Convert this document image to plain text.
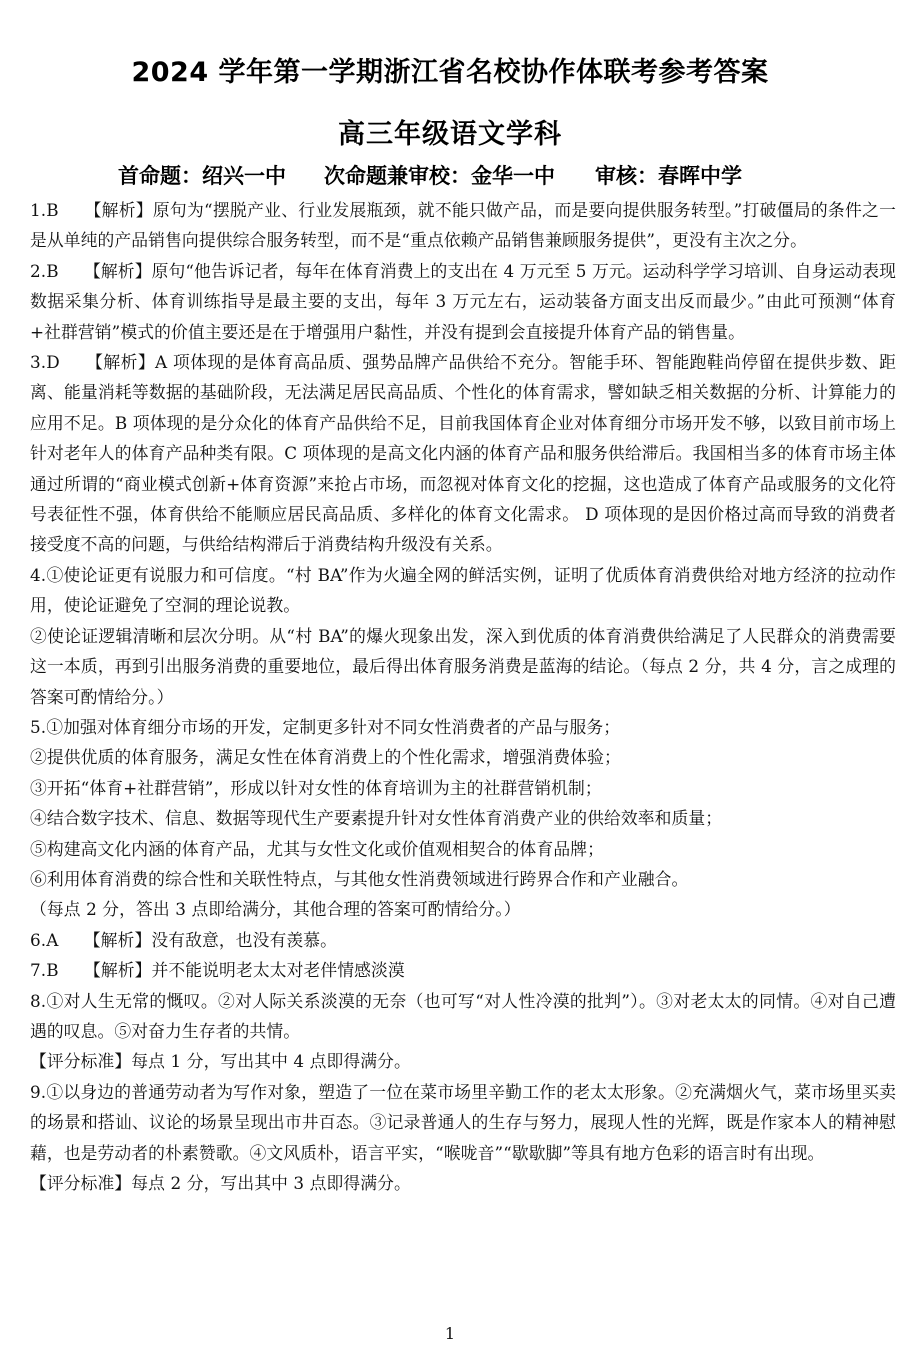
2024 学年第一学期浙江省名校协作体联考参考答案
高三年级语文学科
首命题：绍兴一中 次命题兼审校：金华一中 审核：春晖中学

1.B　　【解析】原句为“摆脱产业、行业发展瓶颈，就不能只做产品，而是要向提供服务转型。”打破僵局的条件之一是从单纯的产品销售向提供综合服务转型，而不是“重点依赖产品销售兼顾服务提供”，更没有主次之分。

2.B　　【解析】原句“他告诉记者，每年在体育消费上的支出在 4 万元至 5 万元。运动科学学习培训、自身运动表现数据采集分析、体育训练指导是最主要的支出，每年 3 万元左右，运动装备方面支出反而最少。”由此可预测“体育+社群营销”模式的价值主要还是在于增强用户黏性，并没有提到会直接提升体育产品的销售量。

3.D　　【解析】A 项体现的是体育高品质、强势品牌产品供给不充分。智能手环、智能跑鞋尚停留在提供步数、距离、能量消耗等数据的基础阶段，无法满足居民高品质、个性化的体育需求，譬如缺乏相关数据的分析、计算能力的应用不足。B 项体现的是分众化的体育产品供给不足，目前我国体育企业对体育细分市场开发不够，以致目前市场上针对老年人的体育产品种类有限。C 项体现的是高文化内涵的体育产品和服务供给滞后。我国相当多的体育市场主体通过所谓的“商业模式创新+体育资源”来抢占市场，而忽视对体育文化的挖掘，这也造成了体育产品或服务的文化符号表征性不强，体育供给不能顺应居民高品质、多样化的体育文化需求。 D 项体现的是因价格过高而导致的消费者接受度不高的问题，与供给结构滞后于消费结构升级没有关系。

4.①使论证更有说服力和可信度。“村 BA”作为火遍全网的鲜活实例，证明了优质体育消费供给对地方经济的拉动作用，使论证避免了空洞的理论说教。

②使论证逻辑清晰和层次分明。从“村 BA”的爆火现象出发，深入到优质的体育消费供给满足了人民群众的消费需要这一本质，再到引出服务消费的重要地位，最后得出体育服务消费是蓝海的结论。（每点 2 分，共 4 分，言之成理的答案可酌情给分。）

5.①加强对体育细分市场的开发，定制更多针对不同女性消费者的产品与服务；

②提供优质的体育服务，满足女性在体育消费上的个性化需求，增强消费体验；

③开拓“体育+社群营销”，形成以针对女性的体育培训为主的社群营销机制；

④结合数字技术、信息、数据等现代生产要素提升针对女性体育消费产业的供给效率和质量；

⑤构建高文化内涵的体育产品，尤其与女性文化或价值观相契合的体育品牌；

⑥利用体育消费的综合性和关联性特点，与其他女性消费领域进行跨界合作和产业融合。

（每点 2 分，答出 3 点即给满分，其他合理的答案可酌情给分。）

6.A　　【解析】没有敌意，也没有羡慕。

7.B　　【解析】并不能说明老太太对老伴情感淡漠

8.①对人生无常的慨叹。②对人际关系淡漠的无奈（也可写“对人性冷漠的批判”）。③对老太太的同情。④对自己遭遇的叹息。⑤对奋力生存者的共情。

【评分标准】每点 1 分，写出其中 4 点即得满分。

9.①以身边的普通劳动者为写作对象，塑造了一位在菜市场里辛勤工作的老太太形象。②充满烟火气，菜市场里买卖的场景和搭讪、议论的场景呈现出市井百态。③记录普通人的生存与努力，展现人性的光辉，既是作家本人的精神慰藉，也是劳动者的朴素赞歌。④文风质朴，语言平实，“喉咙音”“歇歇脚”等具有地方色彩的语言时有出现。

【评分标准】每点 2 分，写出其中 3 点即得满分。

1
